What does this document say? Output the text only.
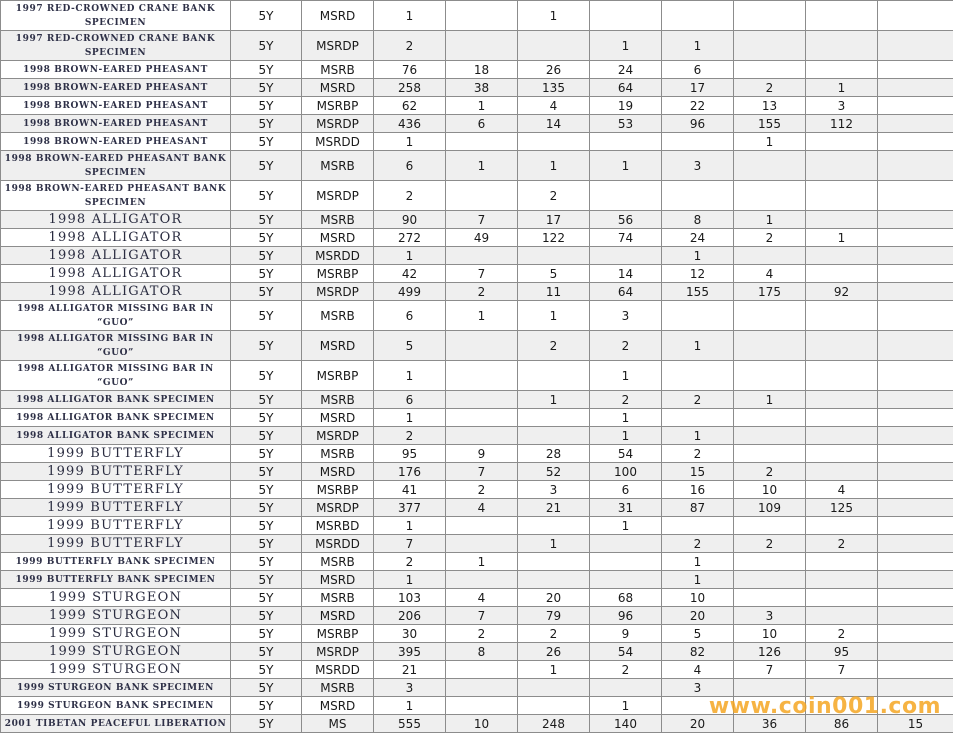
1997 RED-CROWNED CRANE BANK SPECIMEN	5Y	MSRD	1		1					
1997 RED-CROWNED CRANE BANK SPECIMEN	5Y	MSRDP	2			1	1			
1998 BROWN-EARED PHEASANT	5Y	MSRB	76	18	26	24	6			
1998 BROWN-EARED PHEASANT	5Y	MSRD	258	38	135	64	17	2	1	
1998 BROWN-EARED PHEASANT	5Y	MSRBP	62	1	4	19	22	13	3	
1998 BROWN-EARED PHEASANT	5Y	MSRDP	436	6	14	53	96	155	112	
1998 BROWN-EARED PHEASANT	5Y	MSRDD	1					1		
1998 BROWN-EARED PHEASANT BANK SPECIMEN	5Y	MSRB	6	1	1	1	3			
1998 BROWN-EARED PHEASANT BANK SPECIMEN	5Y	MSRDP	2		2					
1998 ALLIGATOR	5Y	MSRB	90	7	17	56	8	1		
1998 ALLIGATOR	5Y	MSRD	272	49	122	74	24	2	1	
1998 ALLIGATOR	5Y	MSRDD	1				1			
1998 ALLIGATOR	5Y	MSRBP	42	7	5	14	12	4		
1998 ALLIGATOR	5Y	MSRDP	499	2	11	64	155	175	92	
1998 ALLIGATOR MISSING BAR IN “GUO”	5Y	MSRB	6	1	1	3				
1998 ALLIGATOR MISSING BAR IN “GUO”	5Y	MSRD	5		2	2	1			
1998 ALLIGATOR MISSING BAR IN “GUO”	5Y	MSRBP	1			1				
1998 ALLIGATOR BANK SPECIMEN	5Y	MSRB	6		1	2	2	1		
1998 ALLIGATOR BANK SPECIMEN	5Y	MSRD	1			1				
1998 ALLIGATOR BANK SPECIMEN	5Y	MSRDP	2			1	1			
1999 BUTTERFLY	5Y	MSRB	95	9	28	54	2			
1999 BUTTERFLY	5Y	MSRD	176	7	52	100	15	2		
1999 BUTTERFLY	5Y	MSRBP	41	2	3	6	16	10	4	
1999 BUTTERFLY	5Y	MSRDP	377	4	21	31	87	109	125	
1999 BUTTERFLY	5Y	MSRBD	1			1				
1999 BUTTERFLY	5Y	MSRDD	7		1		2	2	2	
1999 BUTTERFLY BANK SPECIMEN	5Y	MSRB	2	1			1			
1999 BUTTERFLY BANK SPECIMEN	5Y	MSRD	1				1			
1999 STURGEON	5Y	MSRB	103	4	20	68	10			
1999 STURGEON	5Y	MSRD	206	7	79	96	20	3		
1999 STURGEON	5Y	MSRBP	30	2	2	9	5	10	2	
1999 STURGEON	5Y	MSRDP	395	8	26	54	82	126	95	
1999 STURGEON	5Y	MSRDD	21		1	2	4	7	7	
1999 STURGEON BANK SPECIMEN	5Y	MSRB	3				3			
1999 STURGEON BANK SPECIMEN	5Y	MSRD	1			1				
2001 TIBETAN PEACEFUL LIBERATION	5Y	MS	555	10	248	140	20	36	86	15
www.coin001.com
